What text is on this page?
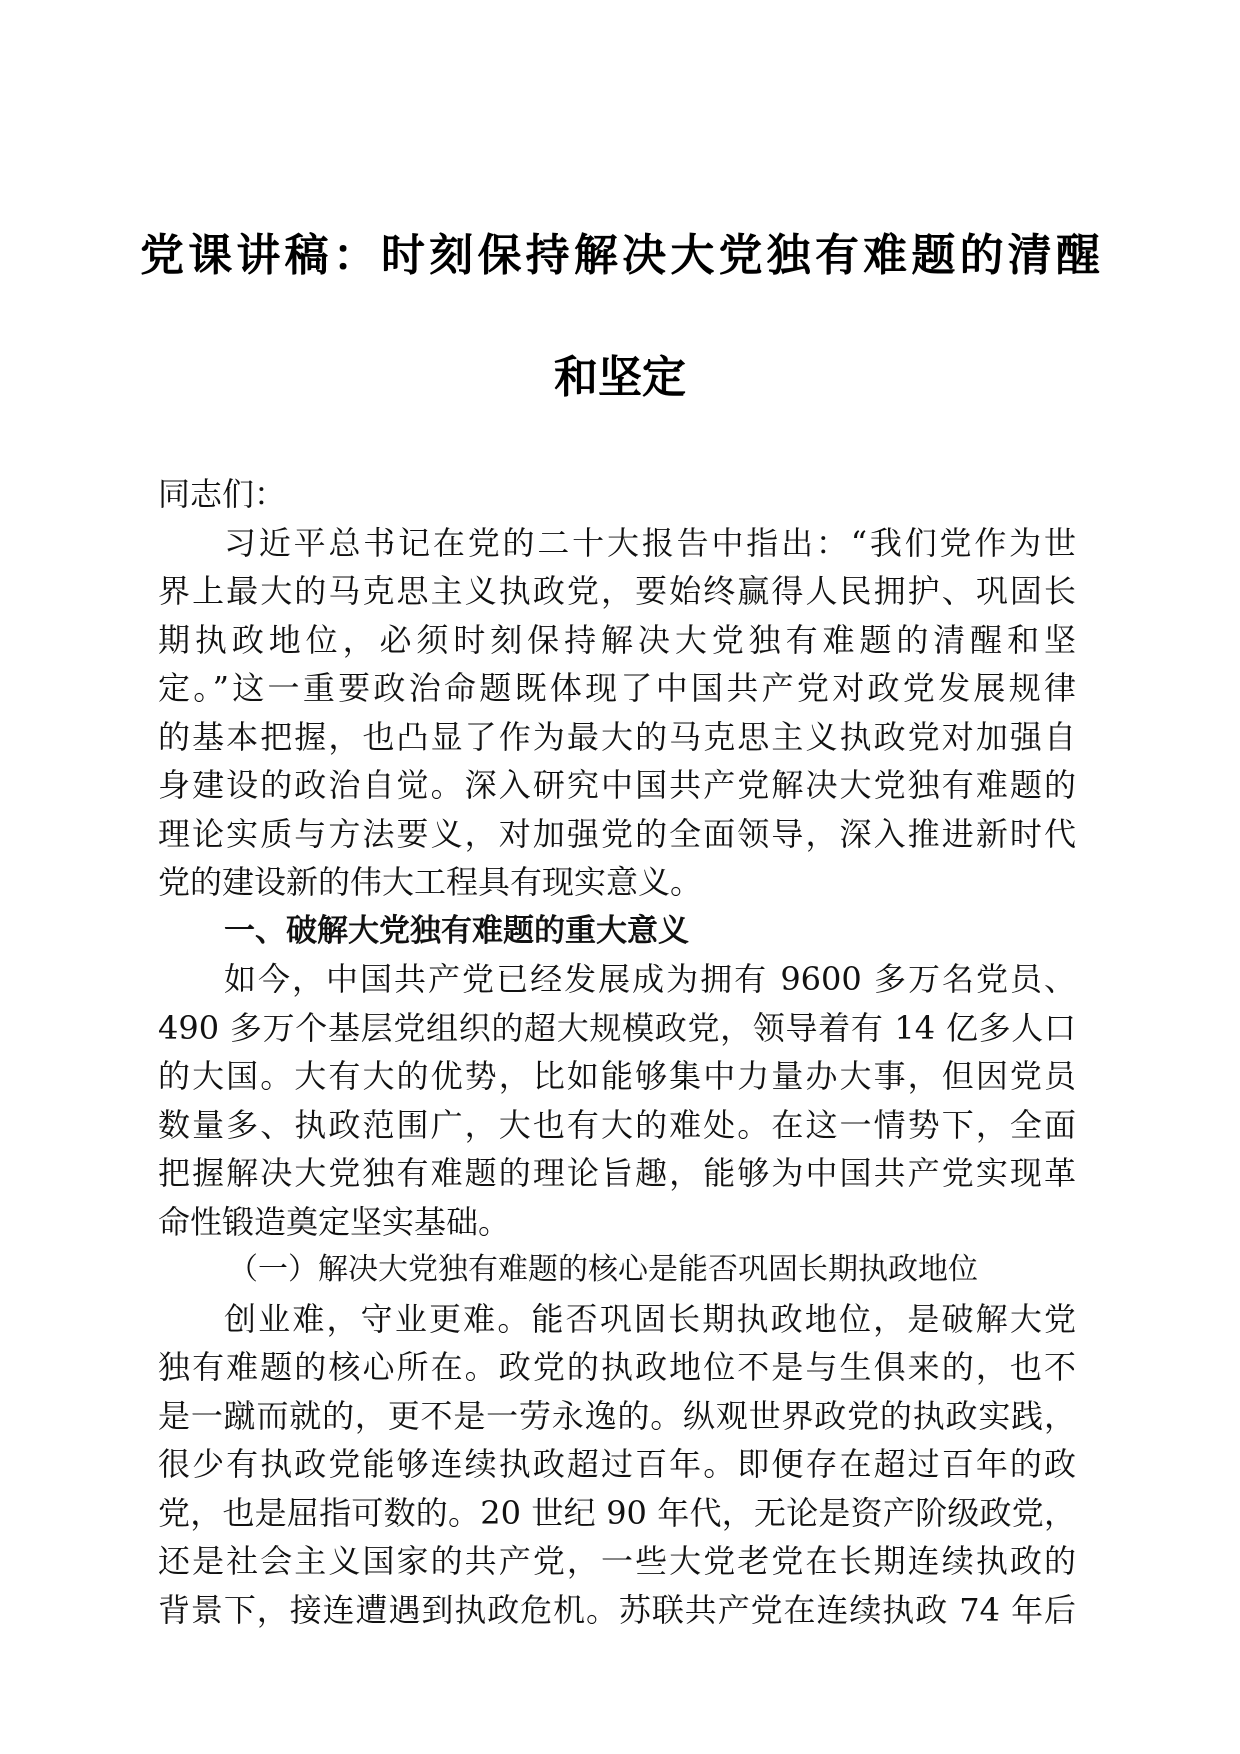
党课讲稿：时刻保持解决大党独有难题的清醒
和坚定
同志们：
习近平总书记在党的二十大报告中指出：“我们党作为世
界上最大的马克思主义执政党，要始终赢得人民拥护、巩固长
期执政地位，必须时刻保持解决大党独有难题的清醒和坚
定。”这一重要政治命题既体现了中国共产党对政党发展规律
的基本把握，也凸显了作为最大的马克思主义执政党对加强自
身建设的政治自觉。深入研究中国共产党解决大党独有难题的
理论实质与方法要义，对加强党的全面领导，深入推进新时代
党的建设新的伟大工程具有现实意义。
一、破解大党独有难题的重大意义
如今，中国共产党已经发展成为拥有 9600 多万名党员、
490 多万个基层党组织的超大规模政党，领导着有 14 亿多人口
的大国。大有大的优势，比如能够集中力量办大事，但因党员
数量多、执政范围广，大也有大的难处。在这一情势下，全面
把握解决大党独有难题的理论旨趣，能够为中国共产党实现革
命性锻造奠定坚实基础。
（一）解决大党独有难题的核心是能否巩固长期执政地位
创业难，守业更难。能否巩固长期执政地位，是破解大党
独有难题的核心所在。政党的执政地位不是与生俱来的，也不
是一蹴而就的，更不是一劳永逸的。纵观世界政党的执政实践，
很少有执政党能够连续执政超过百年。即便存在超过百年的政
党，也是屈指可数的。20 世纪 90 年代，无论是资产阶级政党，
还是社会主义国家的共产党，一些大党老党在长期连续执政的
背景下，接连遭遇到执政危机。苏联共产党在连续执政 74 年后
